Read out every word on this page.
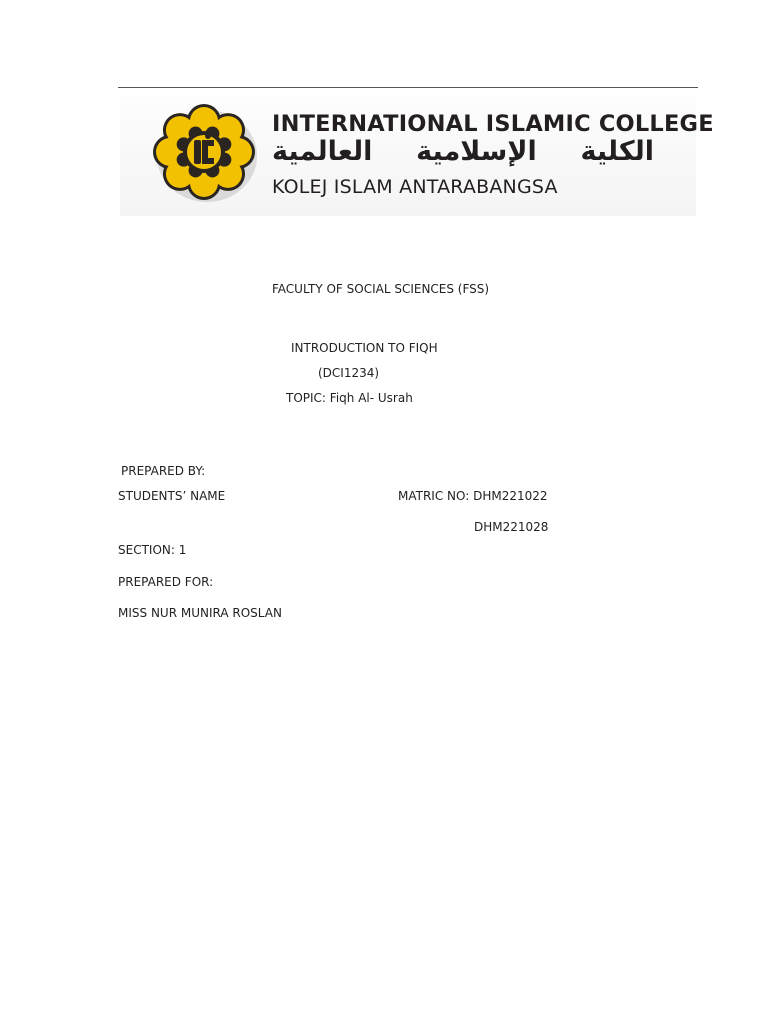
INTERNATIONAL ISLAMIC COLLEGE
الكلية الإسلامية العالمية
KOLEJ ISLAM ANTARABANGSA
FACULTY OF SOCIAL SCIENCES (FSS)
INTRODUCTION TO FIQH
(DCI1234)
TOPIC: Fiqh Al- Usrah
PREPARED BY:
STUDENTS’ NAME	MATRIC NO: DHM221022
DHM221028
SECTION: 1
PREPARED FOR:
MISS NUR MUNIRA ROSLAN
